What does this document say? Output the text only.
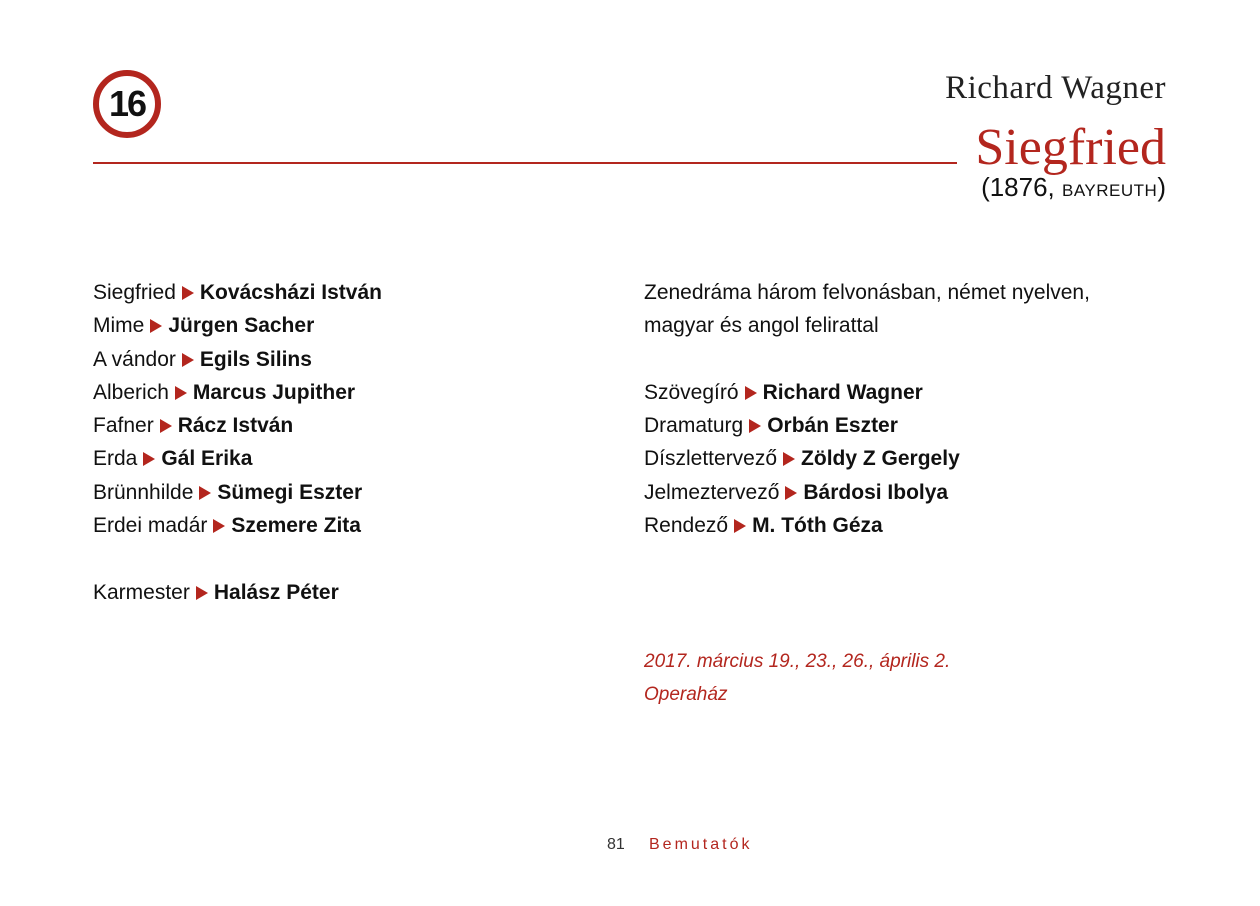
16	Richard Wagner
Siegfried
(1876, BAYREUTH)
Siegfried Kovácsházi István
Mime Jürgen Sacher
A vándor Egils Silins
Alberich Marcus Jupither
Fafner Rácz István
Erda Gál Erika
Brünnhilde Sümegi Eszter
Erdei madár Szemere Zita
Karmester Halász Péter
Zenedráma három felvonásban, német nyelven,
magyar és angol felirattal
Szövegíró Richard Wagner
Dramaturg Orbán Eszter
Díszlettervező Zöldy Z Gergely
Jelmeztervező Bárdosi Ibolya
Rendező M. Tóth Géza
2017. március 19., 23., 26., április 2.
Operaház
81 Bemutatók
